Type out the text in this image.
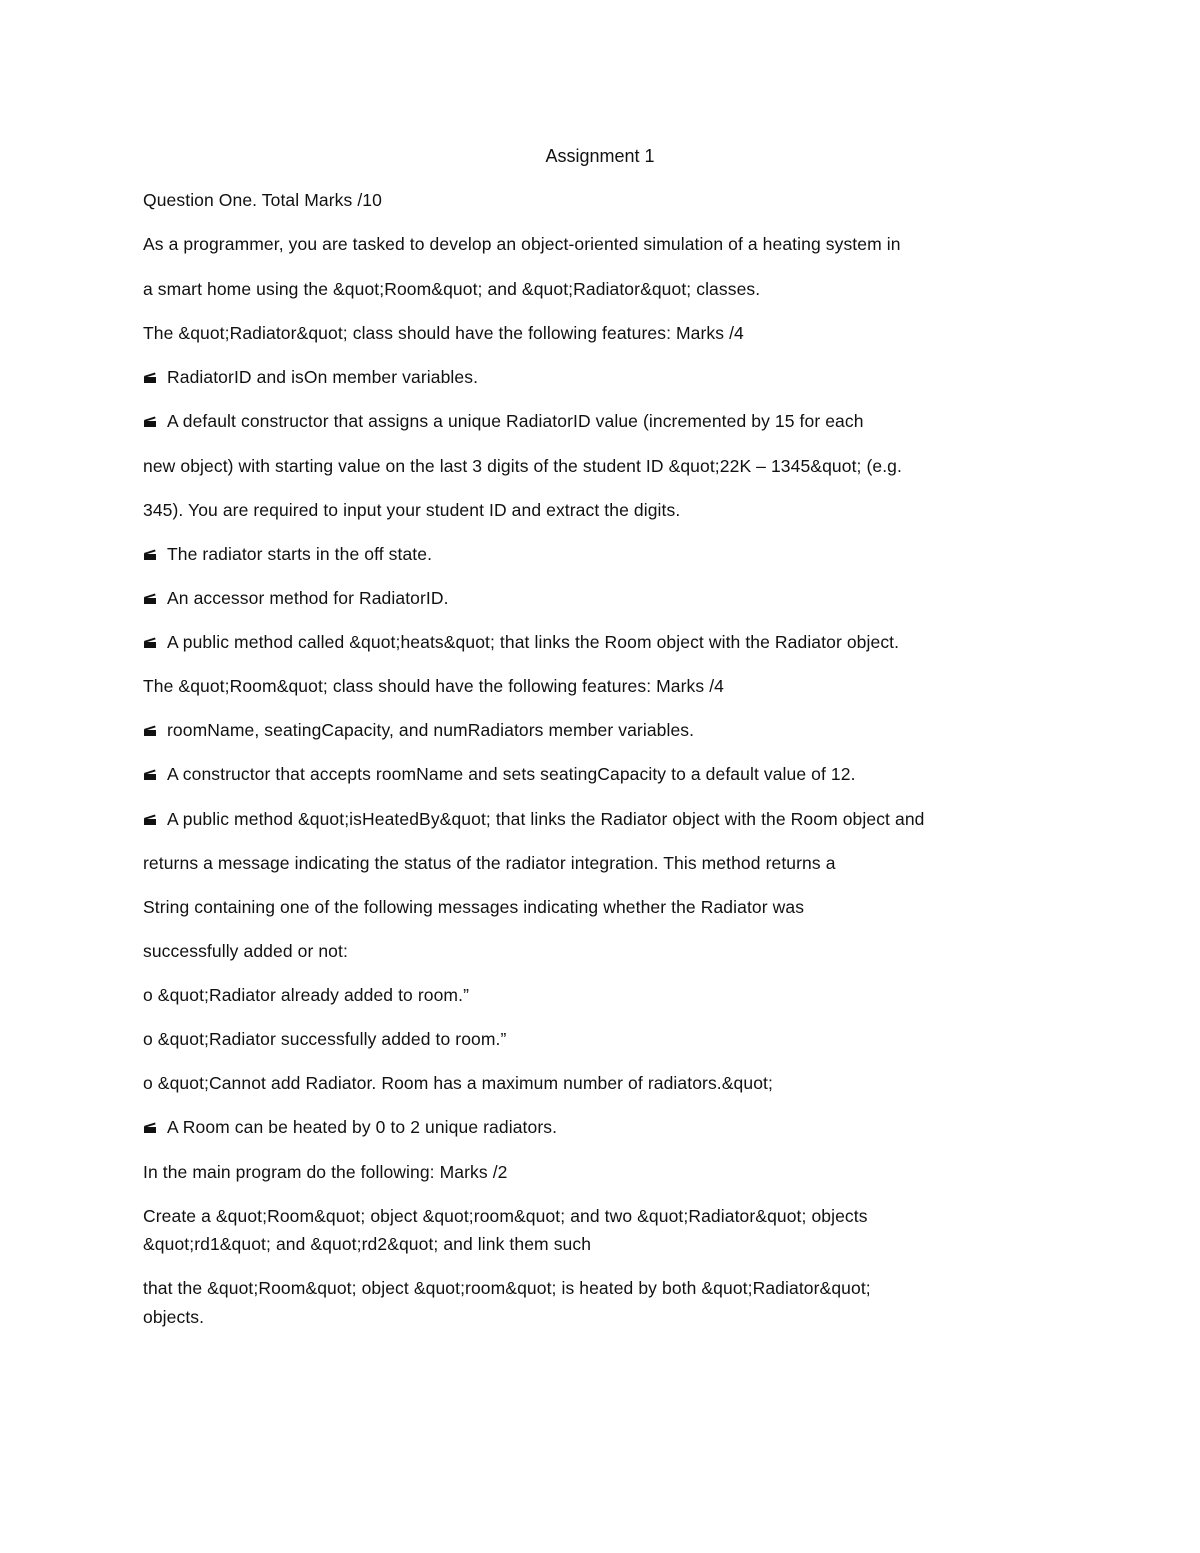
Assignment 1
Question One. Total Marks /10
As a programmer, you are tasked to develop an object-oriented simulation of a heating system in
a smart home using the &quot;Room&quot; and &quot;Radiator&quot; classes.
The &quot;Radiator&quot; class should have the following features: Marks /4
RadiatorID and isOn member variables.
A default constructor that assigns a unique RadiatorID value (incremented by 15 for each
new object) with starting value on the last 3 digits of the student ID &quot;22K – 1345&quot; (e.g.
345). You are required to input your student ID and extract the digits.
The radiator starts in the off state.
An accessor method for RadiatorID.
A public method called &quot;heats&quot; that links the Room object with the Radiator object.
The &quot;Room&quot; class should have the following features: Marks /4
roomName, seatingCapacity, and numRadiators member variables.
A constructor that accepts roomName and sets seatingCapacity to a default value of 12.
A public method &quot;isHeatedBy&quot; that links the Radiator object with the Room object and
returns a message indicating the status of the radiator integration. This method returns a
String containing one of the following messages indicating whether the Radiator was
successfully added or not:
o &quot;Radiator already added to room.”
o &quot;Radiator successfully added to room.”
o &quot;Cannot add Radiator. Room has a maximum number of radiators.&quot;
A Room can be heated by 0 to 2 unique radiators.
In the main program do the following: Marks /2
Create a &quot;Room&quot; object &quot;room&quot; and two &quot;Radiator&quot; objects
&quot;rd1&quot; and &quot;rd2&quot; and link them such
that the &quot;Room&quot; object &quot;room&quot; is heated by both &quot;Radiator&quot;
objects.
